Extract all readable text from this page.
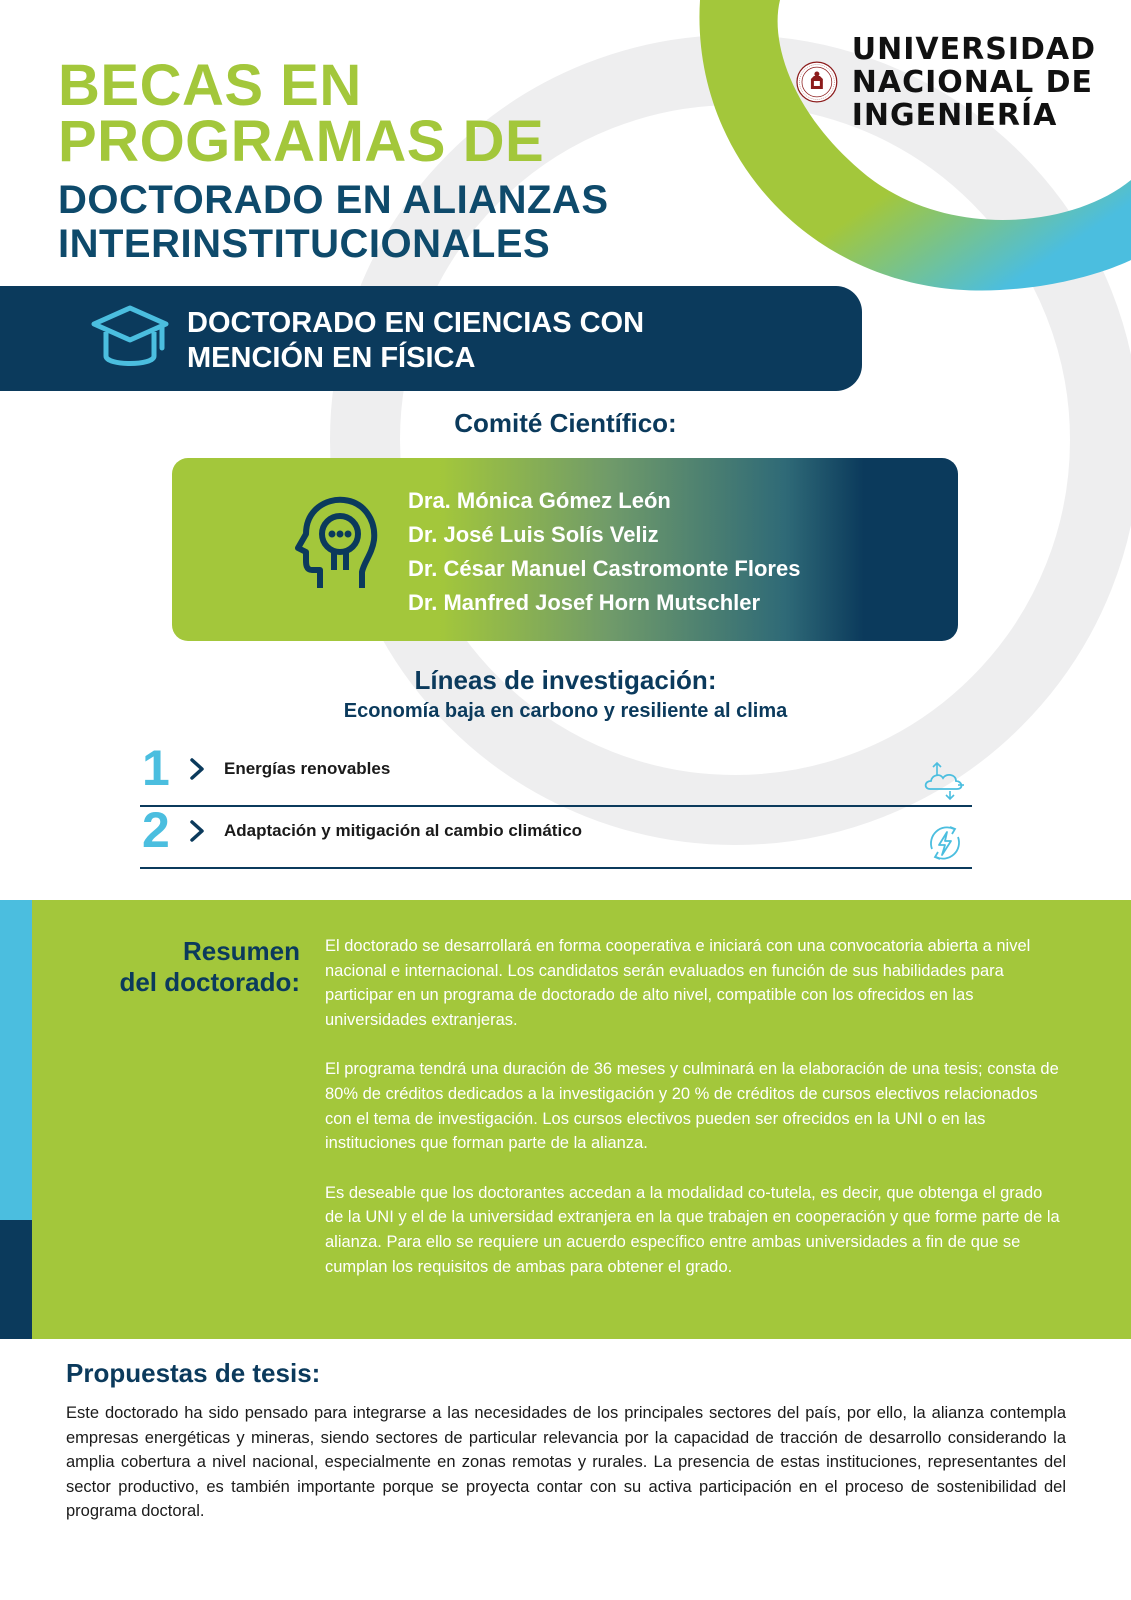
BECAS EN
PROGRAMAS DE
DOCTORADO EN ALIANZAS
INTERINSTITUCIONALES
UNIVERSIDAD
NACIONAL DE
INGENIERÍA
DOCTORADO EN CIENCIAS CON
MENCIÓN EN FÍSICA
Comité Científico:
Dra. Mónica Gómez León
Dr. José Luis Solís Veliz
Dr. César Manuel Castromonte Flores
Dr. Manfred Josef Horn Mutschler
Líneas de investigación:
Economía baja en carbono y resiliente al clima
1	Energías renovables
2	Adaptación y mitigación al cambio climático
Resumen
del doctorado:

El doctorado se desarrollará en forma cooperativa e iniciará con una convocatoria abierta a nivel nacional e internacional. Los candidatos serán evaluados en función de sus habilidades para participar en un programa de doctorado de alto nivel, compatible con los ofrecidos en las universidades extranjeras.

El programa tendrá una duración de 36 meses y culminará en la elaboración de una tesis; consta de 80% de créditos dedicados a la investigación y 20 % de créditos de cursos electivos relacionados con el tema de investigación. Los cursos electivos pueden ser ofrecidos en la UNI o en las instituciones que forman parte de la alianza.

Es deseable que los doctorantes accedan a la modalidad co-tutela, es decir, que obtenga el grado de la UNI y el de la universidad extranjera en la que trabajen en cooperación y que forme parte de la alianza. Para ello se requiere un acuerdo específico entre ambas universidades a fin de que se cumplan los requisitos de ambas para obtener el grado.

Propuestas de tesis:
Este doctorado ha sido pensado para integrarse a las necesidades de los principales sectores del país, por ello, la alianza contempla empresas energéticas y mineras, siendo sectores de particular relevancia por la capacidad de tracción de desarrollo considerando la amplia cobertura a nivel nacional, especialmente en zonas remotas y rurales. La presencia de estas instituciones, representantes del sector productivo, es también importante porque se proyecta contar con su activa participación en el proceso de sostenibilidad del programa doctoral.
